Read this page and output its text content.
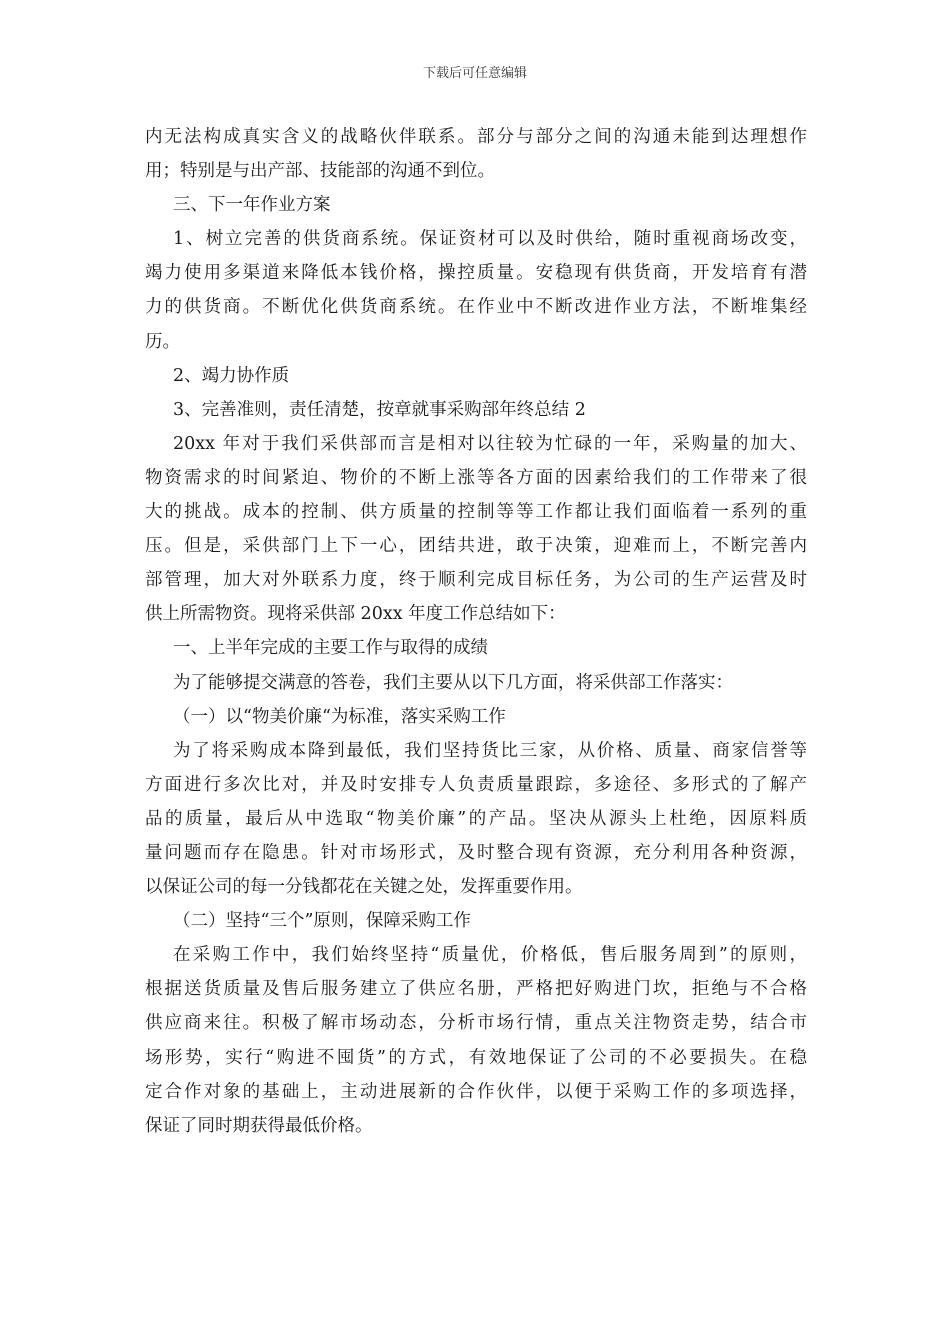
下载后可任意编辑
内无法构成真实含义的战略伙伴联系。部分与部分之间的沟通未能到达理想作
用；特别是与出产部、技能部的沟通不到位。
三、下一年作业方案
1、树立完善的供货商系统。保证资材可以及时供给，随时重视商场改变，
竭力使用多渠道来降低本钱价格，操控质量。安稳现有供货商，开发培育有潜
力的供货商。不断优化供货商系统。在作业中不断改进作业方法，不断堆集经
历。
2、竭力协作质
3、完善准则，责任清楚，按章就事采购部年终总结 2
20xx 年对于我们采供部而言是相对以往较为忙碌的一年，采购量的加大、
物资需求的时间紧迫、物价的不断上涨等各方面的因素给我们的工作带来了很
大的挑战。成本的控制、供方质量的控制等等工作都让我们面临着一系列的重
压。但是，采供部门上下一心，团结共进，敢于决策，迎难而上，不断完善内
部管理，加大对外联系力度，终于顺利完成目标任务，为公司的生产运营及时
供上所需物资。现将采供部 20xx 年度工作总结如下：
一、上半年完成的主要工作与取得的成绩
为了能够提交满意的答卷，我们主要从以下几方面，将采供部工作落实：
（一）以“物美价廉“为标准，落实采购工作
为了将采购成本降到最低，我们坚持货比三家，从价格、质量、商家信誉等
方面进行多次比对，并及时安排专人负责质量跟踪，多途径、多形式的了解产
品的质量，最后从中选取“物美价廉”的产品。坚决从源头上杜绝，因原料质
量问题而存在隐患。针对市场形式，及时整合现有资源，充分利用各种资源，
以保证公司的每一分钱都花在关键之处，发挥重要作用。
（二）坚持“三个”原则，保障采购工作
在采购工作中，我们始终坚持“质量优，价格低，售后服务周到”的原则，
根据送货质量及售后服务建立了供应名册，严格把好购进门坎，拒绝与不合格
供应商来往。积极了解市场动态，分析市场行情，重点关注物资走势，结合市
场形势，实行“购进不囤货”的方式，有效地保证了公司的不必要损失。在稳
定合作对象的基础上，主动进展新的合作伙伴，以便于采购工作的多项选择，
保证了同时期获得最低价格。
